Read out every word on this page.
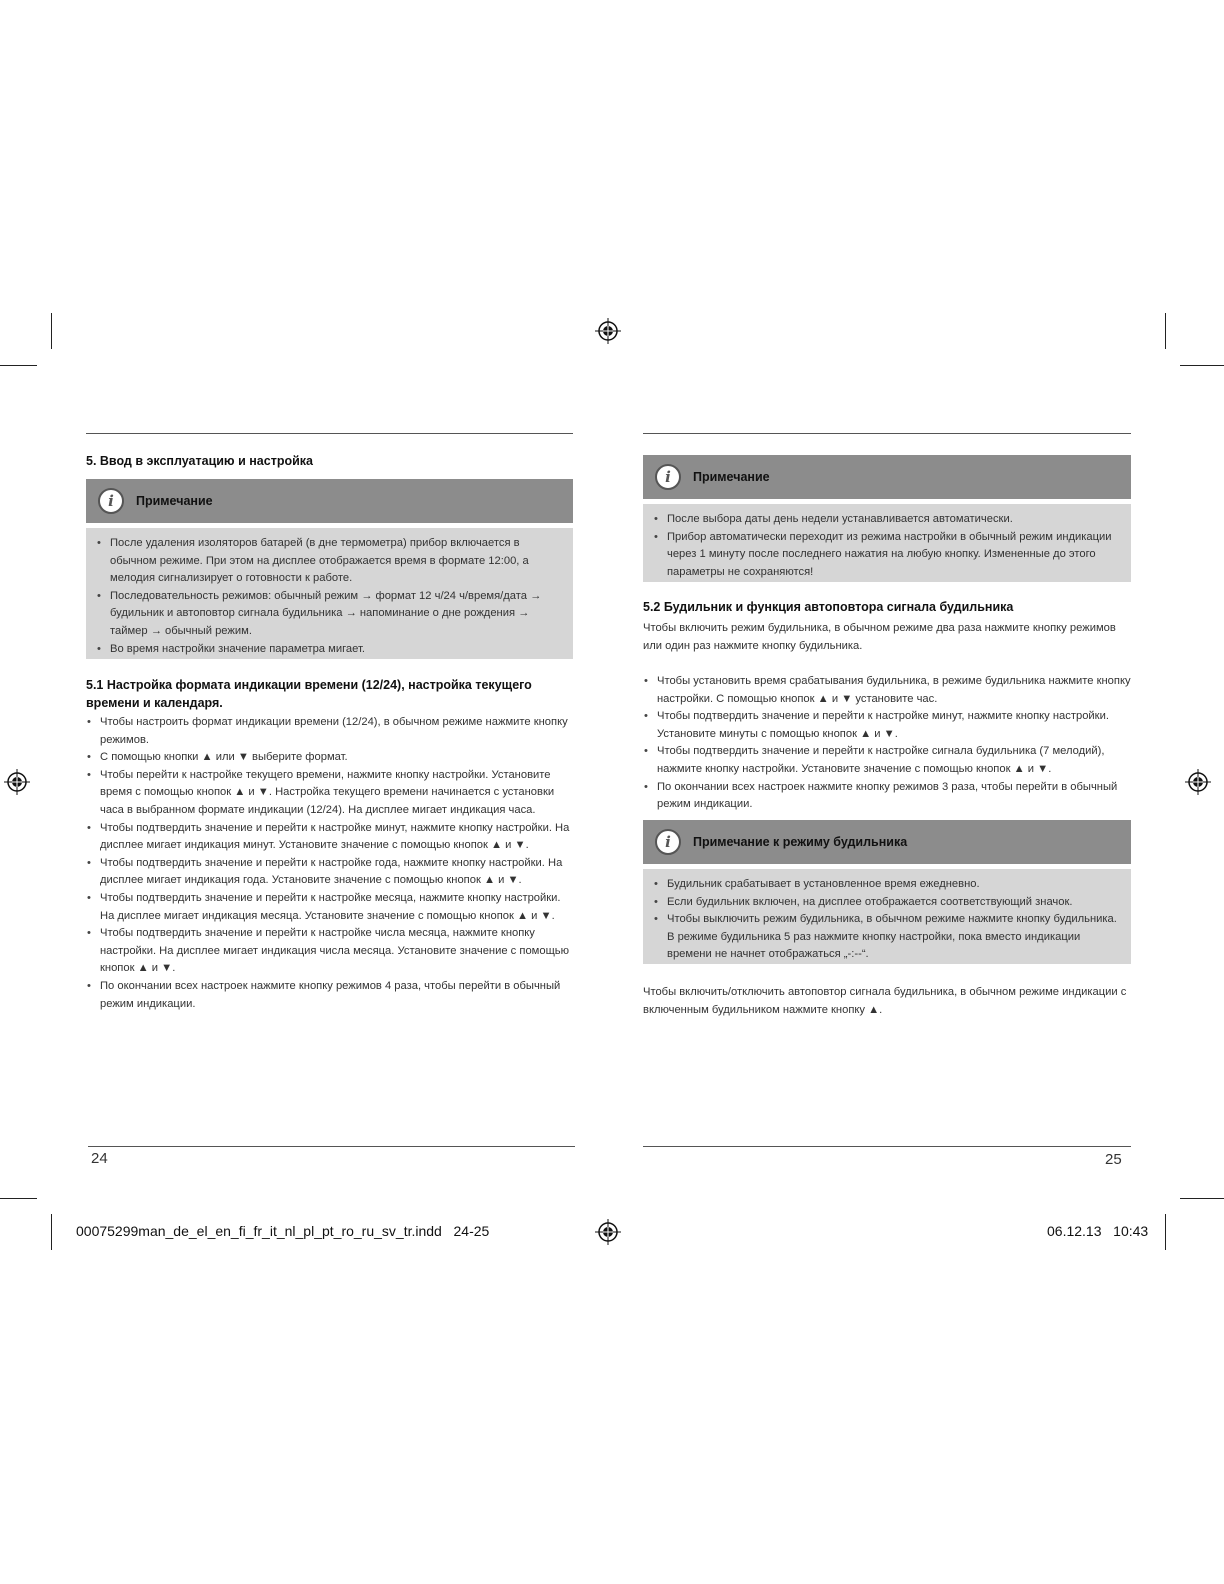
5. Ввод в эксплуатацию и настройка
i	Примечание
• После удаления изоляторов батарей (в дне термометра) прибор включается в обычном режиме. При этом на дисплее отображается время в формате 12:00, а мелодия сигнализирует о готовности к работе.
• Последовательность режимов: обычный режим → формат 12 ч/24 ч/время/дата → будильник и автоповтор сигнала будильника → напоминание о дне рождения → таймер → обычный режим.
• Во время настройки значение параметра мигает.
5.1 Настройка формата индикации времени (12/24), настройка текущего времени и календаря.
• Чтобы настроить формат индикации времени (12/24), в обычном режиме нажмите кнопку режимов.
• С помощью кнопки ▲ или ▼ выберите формат.
• Чтобы перейти к настройке текущего времени, нажмите кнопку настройки. Установите время с помощью кнопок ▲ и ▼. Настройка текущего времени начинается с установки часа в выбранном формате индикации (12/24). На дисплее мигает индикация часа.
• Чтобы подтвердить значение и перейти к настройке минут, нажмите кнопку настройки. На дисплее мигает индикация минут. Установите значение с помощью кнопок ▲ и ▼.
• Чтобы подтвердить значение и перейти к настройке года, нажмите кнопку настройки. На дисплее мигает индикация года. Установите значение с помощью кнопок ▲ и ▼.
• Чтобы подтвердить значение и перейти к настройке месяца, нажмите кнопку настройки. На дисплее мигает индикация месяца. Установите значение с помощью кнопок ▲ и ▼.
• Чтобы подтвердить значение и перейти к настройке числа месяца, нажмите кнопку настройки. На дисплее мигает индикация числа месяца. Установите значение с помощью кнопок ▲ и ▼.
• По окончании всех настроек нажмите кнопку режимов 4 раза, чтобы перейти в обычный режим индикации.
24
i	Примечание
• После выбора даты день недели устанавливается автоматически.
• Прибор автоматически переходит из режима настройки в обычный режим индикации через 1 минуту после последнего нажатия на любую кнопку. Измененные до этого параметры не сохраняются!
5.2 Будильник и функция автоповтора сигнала будильника
Чтобы включить режим будильника, в обычном режиме два раза нажмите кнопку режимов или один раз нажмите кнопку будильника.
• Чтобы установить время срабатывания будильника, в режиме будильника нажмите кнопку настройки. С помощью кнопок ▲ и ▼ установите час.
• Чтобы подтвердить значение и перейти к настройке минут, нажмите кнопку настройки. Установите минуты с помощью кнопок ▲ и ▼.
• Чтобы подтвердить значение и перейти к настройке сигнала будильника (7 мелодий), нажмите кнопку настройки. Установите значение с помощью кнопок ▲ и ▼.
• По окончании всех настроек нажмите кнопку режимов 3 раза, чтобы перейти в обычный режим индикации.
i	Примечание к режиму будильника
• Будильник срабатывает в установленное время ежедневно.
• Если будильник включен, на дисплее отображается соответствующий значок.
• Чтобы выключить режим будильника, в обычном режиме нажмите кнопку будильника. В режиме будильника 5 раз нажмите кнопку настройки, пока вместо индикации времени не начнет отображаться „-:--“.
Чтобы включить/отключить автоповтор сигнала будильника, в обычном режиме индикации с включенным будильником нажмите кнопку ▲.
25
00075299man_de_el_en_fi_fr_it_nl_pl_pt_ro_ru_sv_tr.indd   24-25	06.12.13   10:43
